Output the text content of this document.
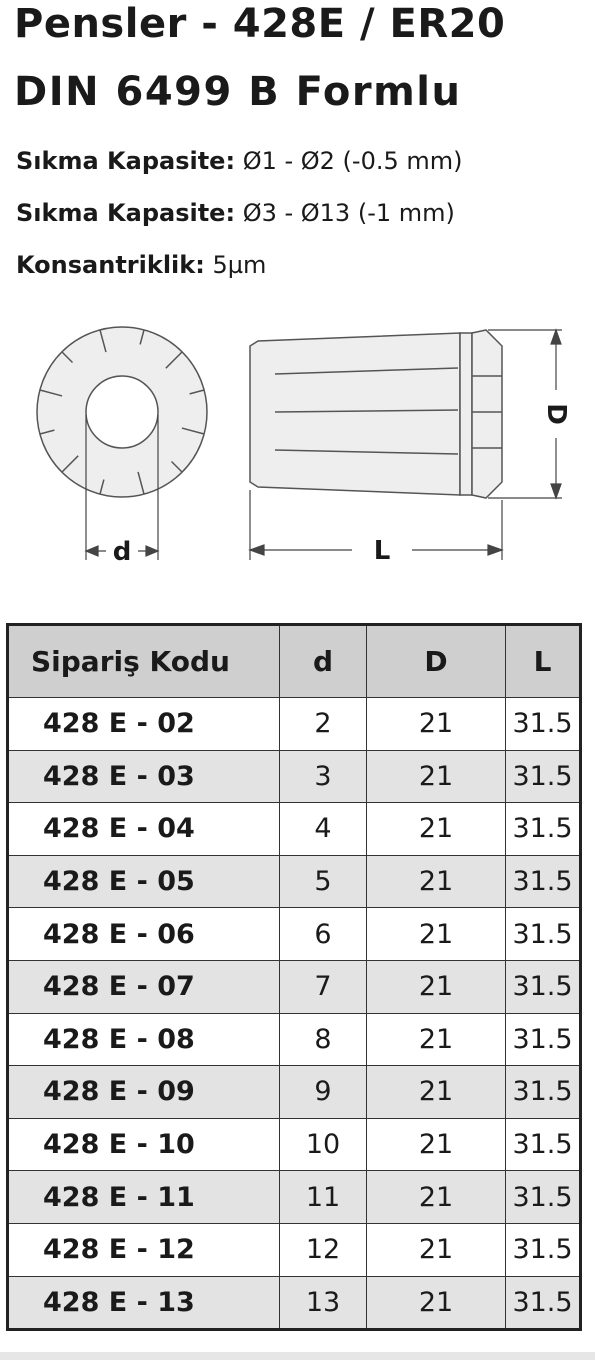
Pensler - 428E / ER20
DIN 6499 B Formlu
Sıkma Kapasite: Ø1 - Ø2 (-0.5 mm)
Sıkma Kapasite: Ø3 - Ø13 (-1 mm)
Konsantriklik: 5µm
d	L
D
Sipariş Kodu	d	D	L
428 E - 02	2	21	31.5
428 E - 03	3	21	31.5
428 E - 04	4	21	31.5
428 E - 05	5	21	31.5
428 E - 06	6	21	31.5
428 E - 07	7	21	31.5
428 E - 08	8	21	31.5
428 E - 09	9	21	31.5
428 E - 10	10	21	31.5
428 E - 11	11	21	31.5
428 E - 12	12	21	31.5
428 E - 13	13	21	31.5
